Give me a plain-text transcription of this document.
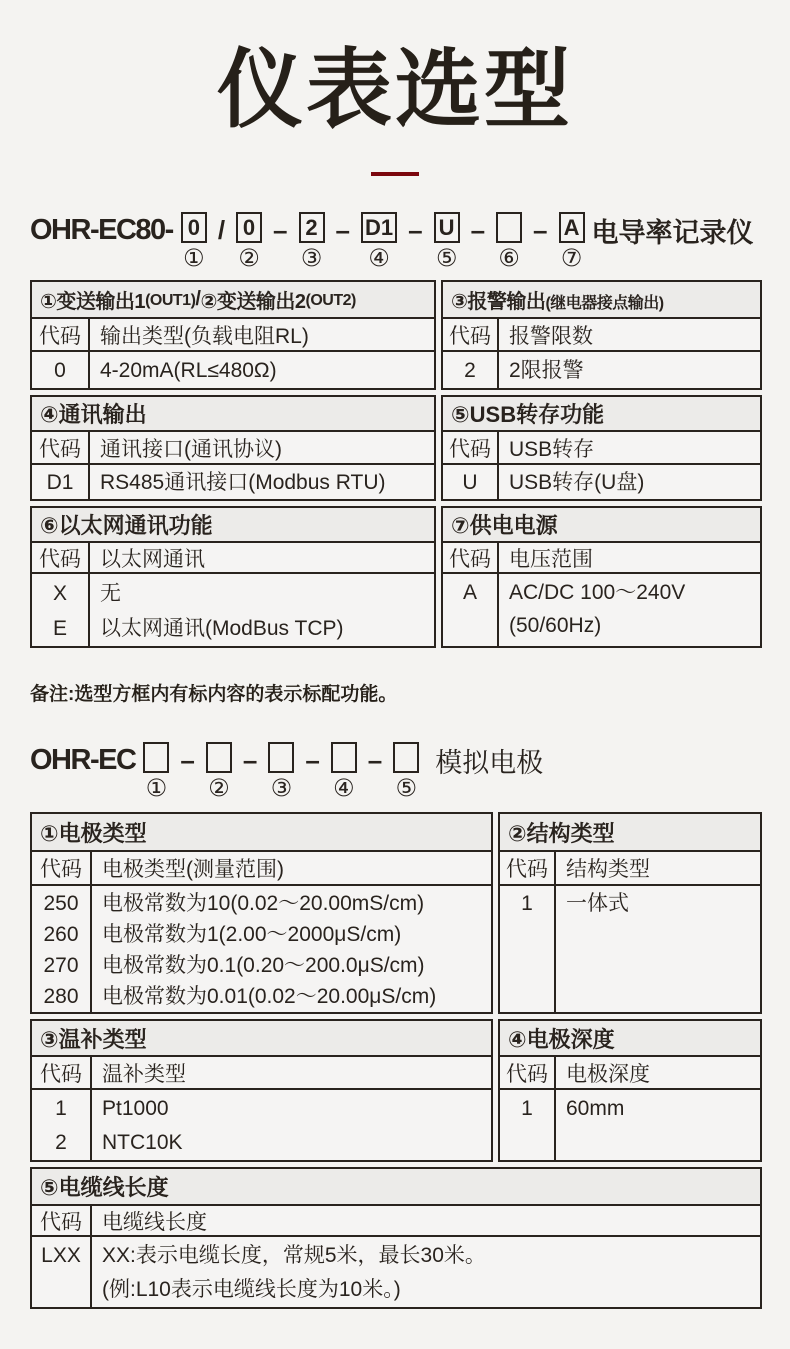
仪表选型
OHR-EC80- 0
①
/ 0
②
– 2
③
– D1
④
– U
⑤
–
⑥
– A
⑦
电导率记录仪
①变送输出1 (OUT1) / ②变送输出2 (OUT2)
代码 输出类型(负载电阻RL)
0 4-20mA(RL≤480Ω)
③报警输出 (继电器接点输出)
代码 报警限数
2 2限报警
④通讯输出
代码 通讯接口(通讯协议)
D1 RS485通讯接口(Modbus RTU)
⑤USB转存功能
代码 USB转存
U USB转存(U盘)
⑥以太网通讯功能
代码 以太网通讯
X
E
无
以太网通讯(ModBus TCP)
⑦供电电源
代码 电压范围
A AC/DC 100～240V
(50/60Hz)
备注:选型方框内有标内容的表示标配功能。
OHR-EC
①
–
②
–
③
–
④
–
⑤
模拟电极
①电极类型
代码 电极类型(测量范围)
250
260
270
280
电极常数为10(0.02～20.00mS/cm)
电极常数为1(2.00～2000μS/cm)
电极常数为0.1(0.20～200.0μS/cm)
电极常数为0.01(0.02～20.00μS/cm)
②结构类型
代码 结构类型
1 一体式
③温补类型
代码 温补类型
1
2
Pt1000
NTC10K
④电极深度
代码 电极深度
1 60mm
⑤电缆线长度
代码 电缆线长度
LXX XX:表示电缆长度，常规5米，最长30米。
(例:L10表示电缆线长度为10米。)
